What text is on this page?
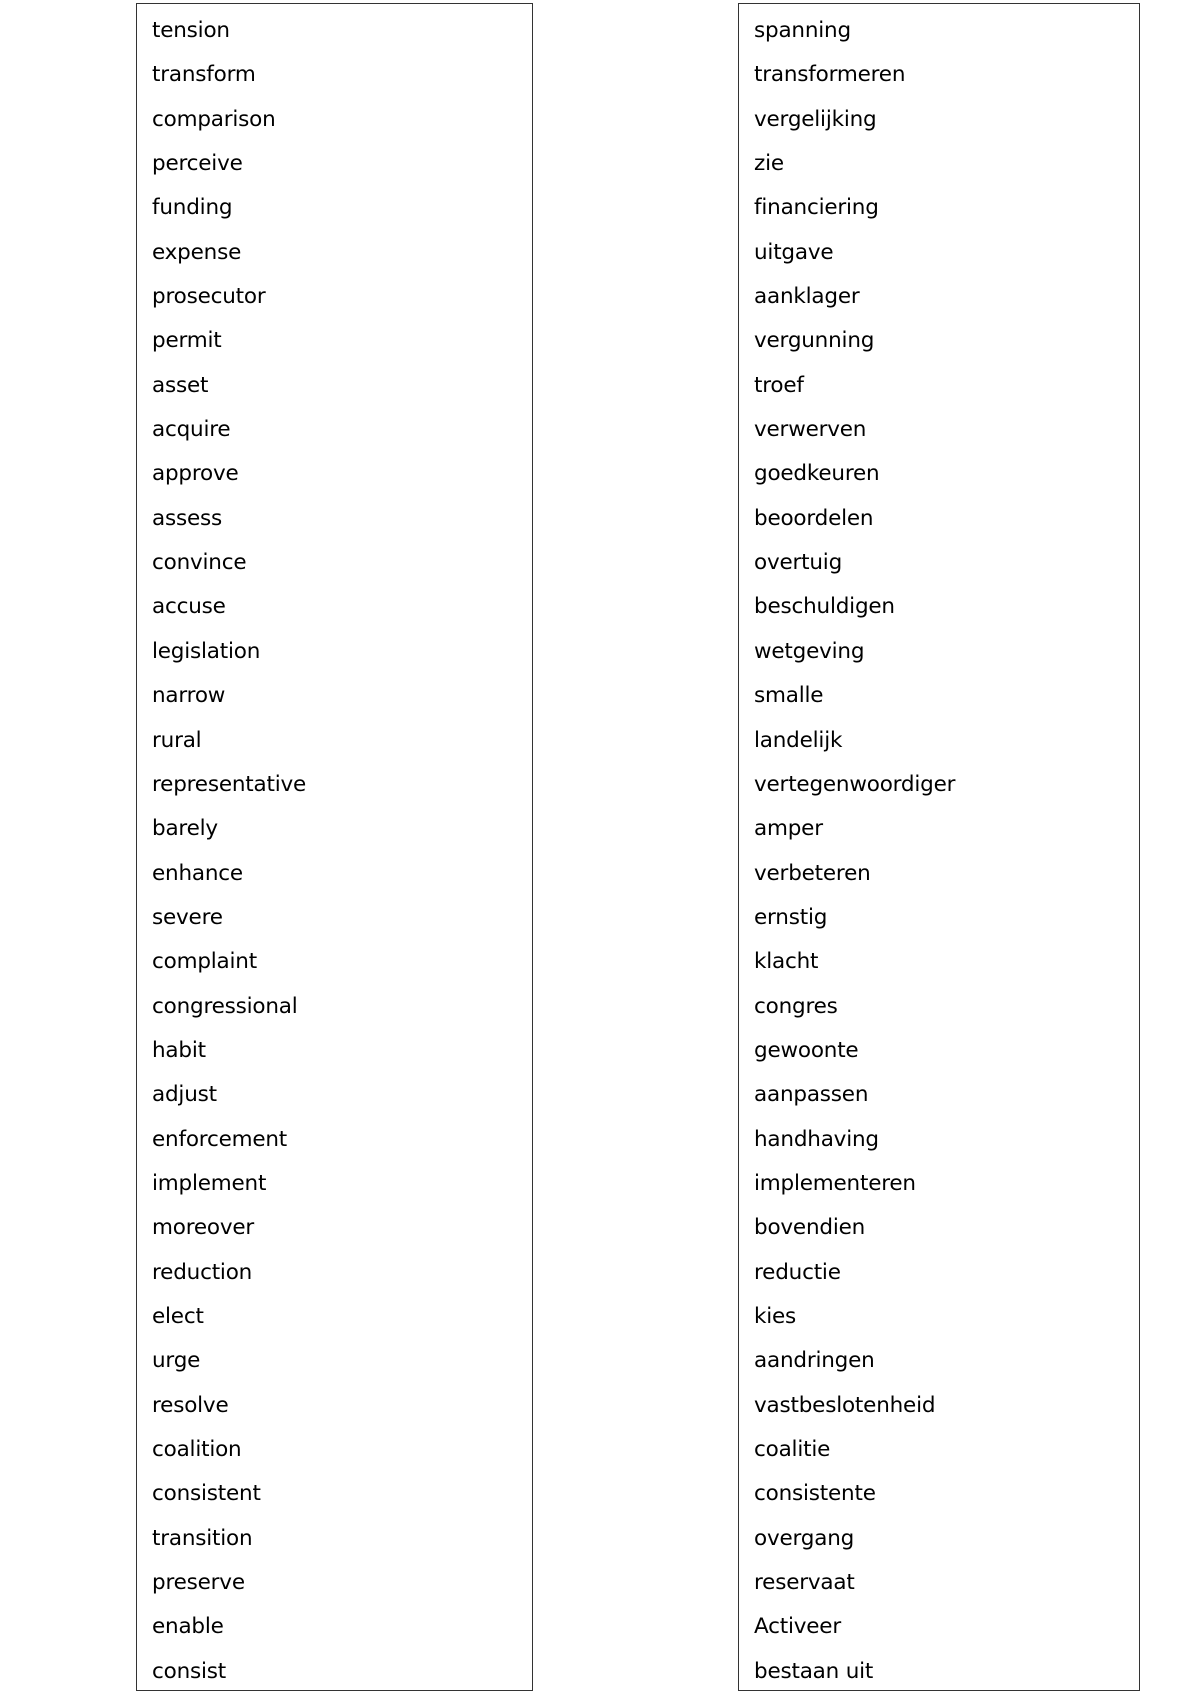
tension
transform
comparison
perceive
funding
expense
prosecutor
permit
asset
acquire
approve
assess
convince
accuse
legislation
narrow
rural
representative
barely
enhance
severe
complaint
congressional
habit
adjust
enforcement
implement
moreover
reduction
elect
urge
resolve
coalition
consistent
transition
preserve
enable
consist
spanning
transformeren
vergelijking
zie
financiering
uitgave
aanklager
vergunning
troef
verwerven
goedkeuren
beoordelen
overtuig
beschuldigen
wetgeving
smalle
landelijk
vertegenwoordiger
amper
verbeteren
ernstig
klacht
congres
gewoonte
aanpassen
handhaving
implementeren
bovendien
reductie
kies
aandringen
vastbeslotenheid
coalitie
consistente
overgang
reservaat
Activeer
bestaan uit
